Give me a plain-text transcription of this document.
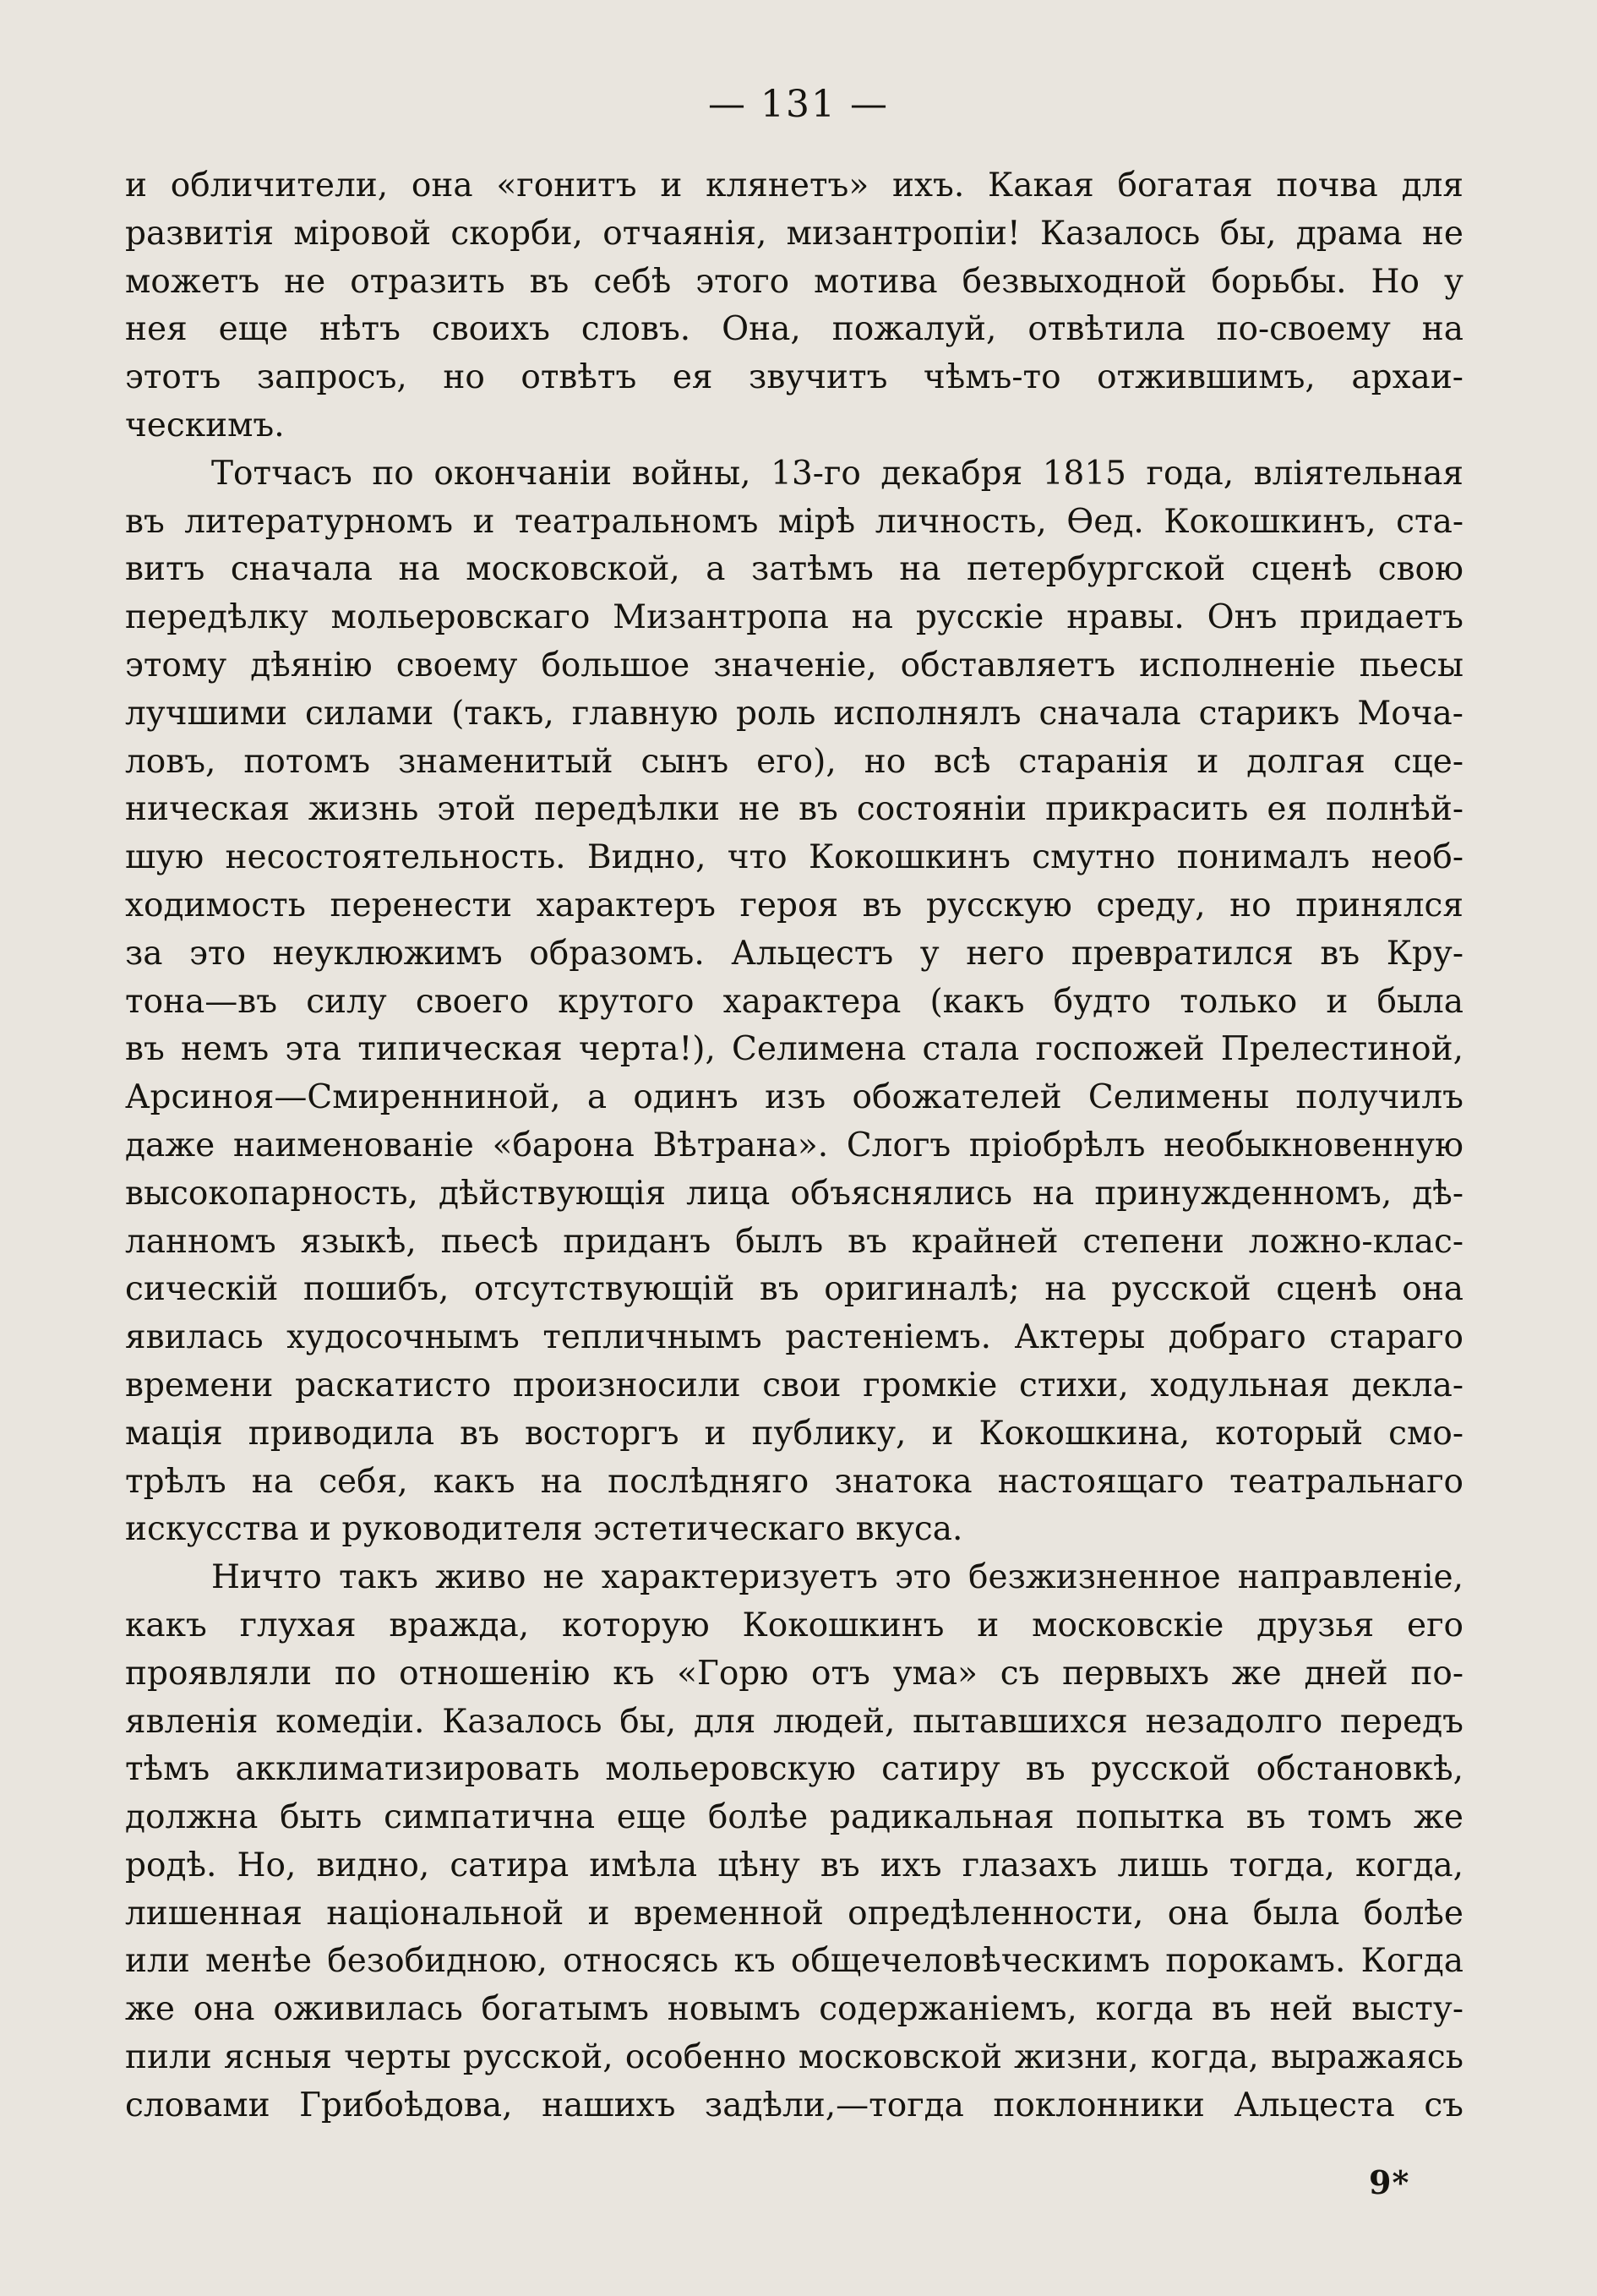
— 131 —
и обличители, она «гонитъ и клянетъ» ихъ. Какая богатая почва для
развитія міровой скорби, отчаянія, мизантропіи! Казалось бы, драма не
можетъ не отразить въ себѣ этого мотива безвыходной борьбы. Но у
нея еще нѣтъ своихъ словъ. Она, пожалуй, отвѣтила по-своему на
этотъ запросъ, но отвѣтъ ея звучитъ чѣмъ-то отжившимъ, архаи-
ческимъ.
Тотчасъ по окончаніи войны, 13-го декабря 1815 года, вліятельная
въ литературномъ и театральномъ мірѣ личность, Ѳед. Кокошкинъ, ста-
витъ сначала на московской, а затѣмъ на петербургской сценѣ свою
передѣлку мольеровскаго Мизантропа на русскіе нравы. Онъ придаетъ
этому дѣянію своему большое значеніе, обставляетъ исполненіе пьесы
лучшими силами (такъ, главную роль исполнялъ сначала старикъ Мочa-
ловъ, потомъ знаменитый сынъ его), но всѣ старанія и долгая сце-
ническая жизнь этой передѣлки не въ состояніи прикрасить ея полнѣй-
шую несостоятельность. Видно, что Кокошкинъ смутно понималъ необ-
ходимость перенести характеръ героя въ русскую среду, но принялся
за это неуклюжимъ образомъ. Альцестъ у него превратился въ Кру-
тона—въ силу своего крутого характера (какъ будто только и была
въ немъ эта типическая черта!), Селимена стала госпожей Прелестиной,
Арсиноя—Смиренниной, а одинъ изъ обожателей Селимены получилъ
даже наименованіе «барона Вѣтрана». Слогъ пріобрѣлъ необыкновенную
высокопарность, дѣйствующія лица объяснялись на принужденномъ, дѣ-
ланномъ языкѣ, пьесѣ приданъ былъ въ крайней степени ложно-клас-
сическій пошибъ, отсутствующій въ оригиналѣ; на русской сценѣ она
явилась худосочнымъ тепличнымъ растеніемъ. Актеры добраго стараго
времени раскатисто произносили свои громкіе стихи, ходульная декла-
мація приводила въ восторгъ и публику, и Кокошкина, который смо-
трѣлъ на себя, какъ на послѣдняго знатока настоящаго театральнаго
искусства и руководителя эстетическаго вкуса.
Ничто такъ живо не характеризуетъ это безжизненное направленіе,
какъ глухая вражда, которую Кокошкинъ и московскіе друзья его
проявляли по отношенію къ «Горю отъ ума» съ первыхъ же дней по-
явленія комедіи. Казалось бы, для людей, пытавшихся незадолго передъ
тѣмъ акклиматизировать мольеровскую сатиру въ русской обстановкѣ,
должна быть симпатична еще болѣе радикальная попытка въ томъ же
родѣ. Но, видно, сатира имѣла цѣну въ ихъ глазахъ лишь тогда, когда,
лишенная національной и временной опредѣленности, она была болѣе
или менѣе безобидною, относясь къ общечеловѣческимъ порокамъ. Когда
же она оживилась богатымъ новымъ содержаніемъ, когда въ ней высту-
пили ясныя черты русской, особенно московской жизни, когда, выражаясь
словами Грибоѣдова, нашихъ задѣли,—тогда поклонники Альцеста съ
9*
